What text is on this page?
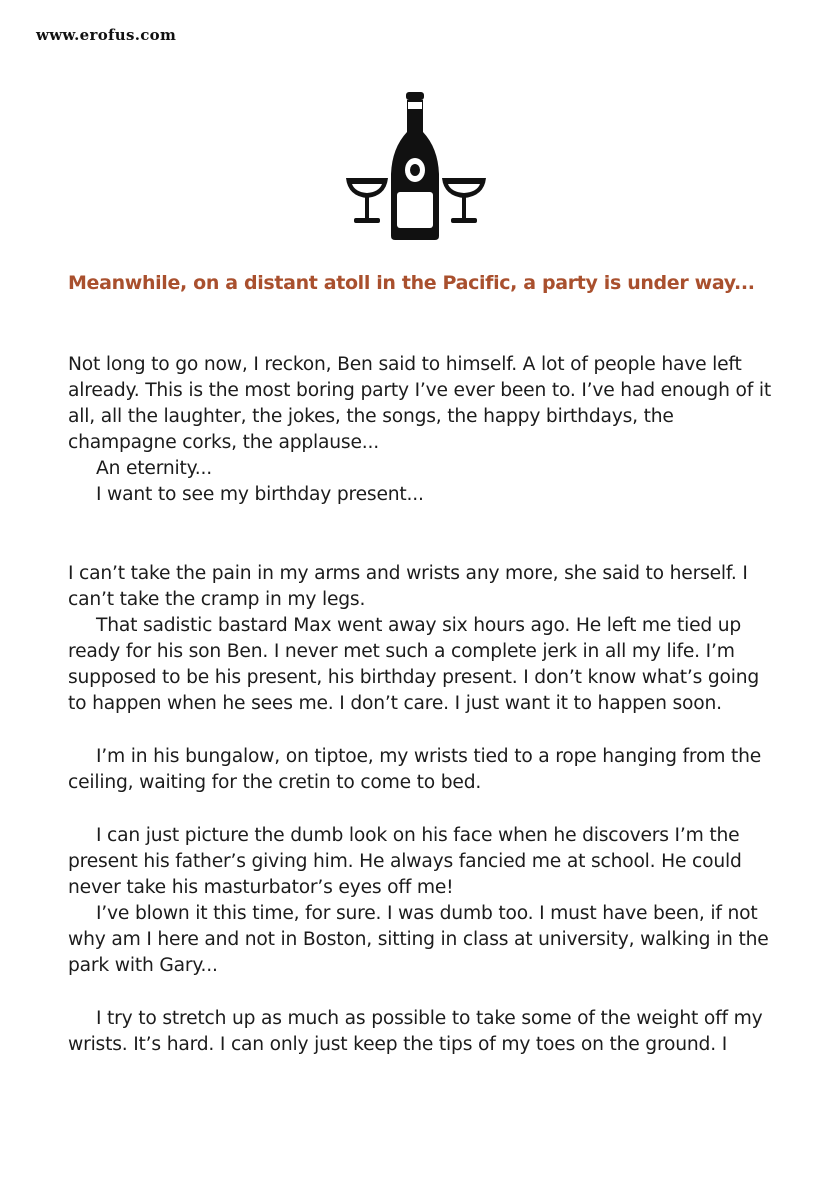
www.erofus.com
Meanwhile, on a distant atoll in the Pacific, a party is under way...

Not long to go now, I reckon, Ben said to himself. A lot of people have left already. This is the most boring party I’ve ever been to. I’ve had enough of it all, all the laughter, the jokes, the songs, the happy birthdays, the champagne corks, the applause...

An eternity...

I want to see my birthday present...

I can’t take the pain in my arms and wrists any more, she said to herself. I can’t take the cramp in my legs.

That sadistic bastard Max went away six hours ago. He left me tied up ready for his son Ben. I never met such a complete jerk in all my life. I’m supposed to be his present, his birthday present. I don’t know what’s going to happen when he sees me. I don’t care. I just want it to happen soon.

I’m in his bungalow, on tiptoe, my wrists tied to a rope hanging from the ceiling, waiting for the cretin to come to bed.

I can just picture the dumb look on his face when he discovers I’m the present his father’s giving him. He always fancied me at school. He could never take his masturbator’s eyes off me!

I’ve blown it this time, for sure. I was dumb too. I must have been, if not why am I here and not in Boston, sitting in class at university, walking in the park with Gary...

I try to stretch up as much as possible to take some of the weight off my wrists. It’s hard. I can only just keep the tips of my toes on the ground. I
